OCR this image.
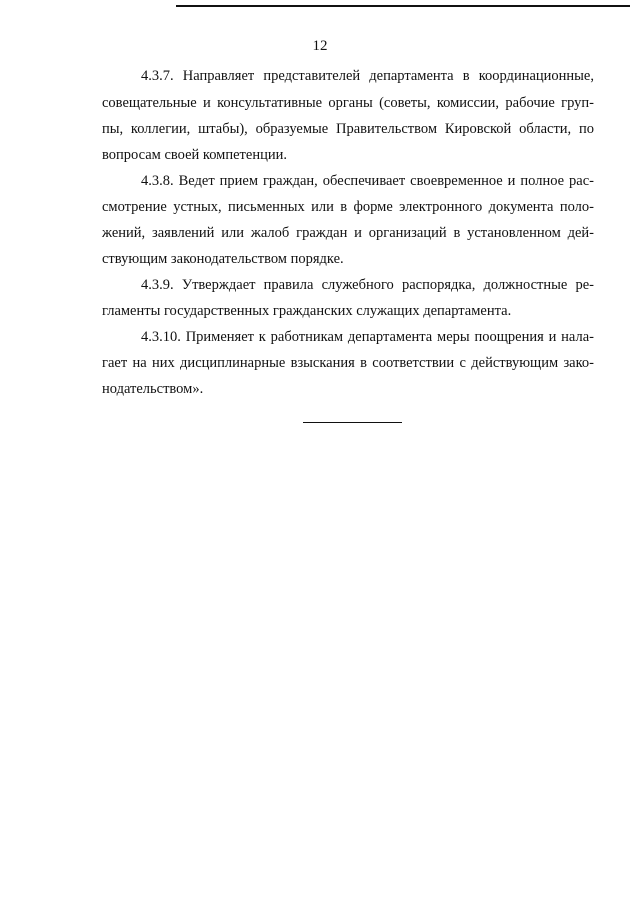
12
4.3.7. Направляет представителей департамента в координационные,
совещательные и консультативные органы (советы, комиссии, рабочие груп-
пы, коллегии, штабы), образуемые Правительством Кировской области, по
вопросам своей компетенции.
4.3.8. Ведет прием граждан, обеспечивает своевременное и полное рас-
смотрение устных, письменных или в форме электронного документа поло-
жений, заявлений или жалоб граждан и организаций в установленном дей-
ствующим законодательством порядке.
4.3.9. Утверждает правила служебного распорядка, должностные ре-
гламенты государственных гражданских служащих департамента.
4.3.10. Применяет к работникам департамента меры поощрения и нала-
гает на них дисциплинарные взыскания в соответствии с действующим зако-
нодательством».
